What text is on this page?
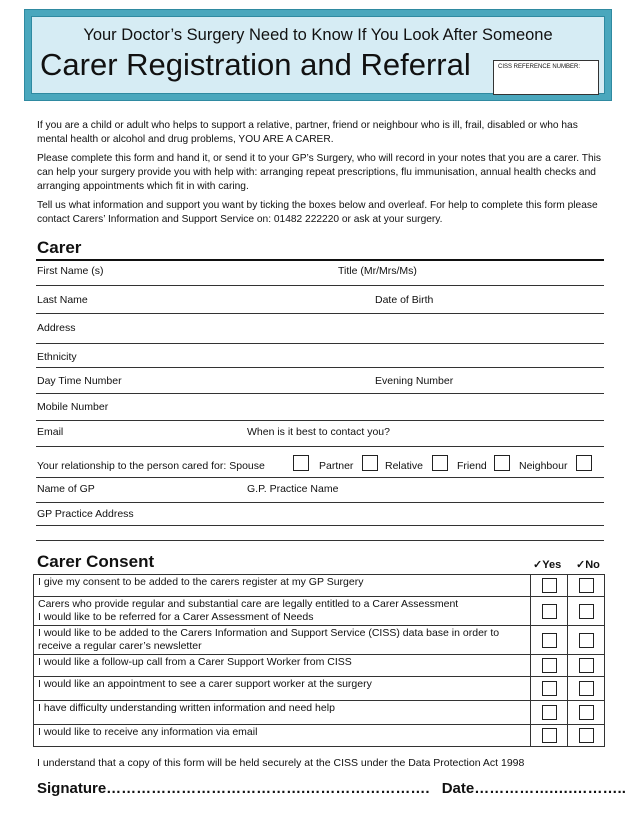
Your Doctor’s Surgery Need to Know If You Look After Someone
Carer Registration and Referral	CISS REFERENCE NUMBER:

If you are a child or adult who helps to support a relative, partner, friend or neighbour who is ill, frail, disabled or who has mental health or alcohol and drug problems, YOU ARE A CARER.

Please complete this form and hand it, or send it to your GP’s Surgery, who will record in your notes that you are a carer. This can help your surgery provide you with help with: arranging repeat prescriptions, flu immunisation, annual health checks and arranging appointments which fit in with caring.

Tell us what information and support you want by ticking the boxes below and overleaf. For help to complete this form please contact Carers’ Information and Support Service on: 01482 222220 or ask at your surgery.

Carer
First Name (s)	Title (Mr/Mrs/Ms)
Last Name	Date of Birth
Address
Ethnicity
Day Time Number	Evening Number
Mobile Number
Email	When is it best to contact you?
Your relationship to the person cared for: Spouse	Partner	Relative	Friend	Neighbour
Name of GP	G.P. Practice Name
GP Practice Address
Carer Consent	✓Yes ✓No
I give my consent to be added to the carers register at my GP Surgery		

Carers who provide regular and substantial care are legally entitled to a Carer Assessment
I would like to be referred for a Carer Assessment of Needs		

I would like to be added to the Carers Information and Support Service (CISS) data base in order to receive a regular carer’s newsletter		
I would like a follow-up call from a Carer Support Worker from CISS		
I would like an appointment to see a carer support worker at the surgery		
I have difficulty understanding written information and need help		
I would like to receive any information via email		
I understand that a copy of this form will be held securely at the CISS under the Data Protection Act 1998
Signature………………………………….……………………. Date…………….….………..
